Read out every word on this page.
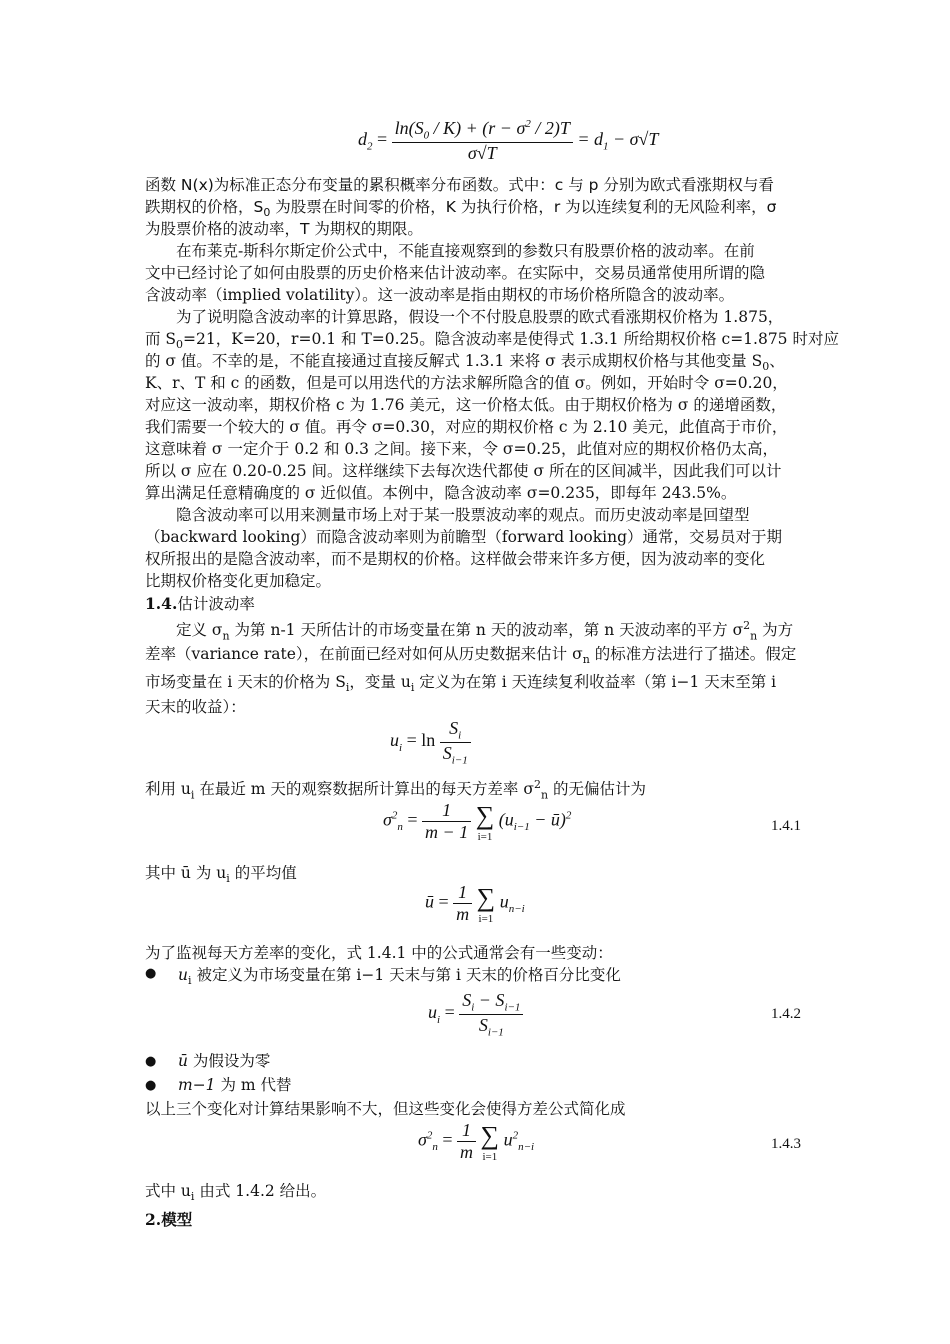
$d_2 = \frac{\ln(S_0 / K) + (r - \sigma^2 / 2)T}{\sigma√T} = d_1 - \sigma√T$
函数 N(x)为标准正态分布变量的累积概率分布函数。式中：c 与 p 分别为欧式看涨期权与看
跌期权的价格，$S_0$ 为股票在时间零的价格，K 为执行价格，r 为以连续复利的无风险利率，σ
为股票价格的波动率，T 为期权的期限。
在布莱克-斯科尔斯定价公式中，不能直接观察到的参数只有股票价格的波动率。在前
文中已经讨论了如何由股票的历史价格来估计波动率。在实际中，交易员通常使用所谓的隐
含波动率（implied volatility）。这一波动率是指由期权的市场价格所隐含的波动率。
为了说明隐含波动率的计算思路，假设一个不付股息股票的欧式看涨期权价格为 1.875，
而 $S_0=21$，K=20，r=0.1 和 T=0.25。隐含波动率是使得式 1.3.1 所给期权价格 c=1.875 时对应
的 σ 值。不幸的是，不能直接通过直接反解式 1.3.1 来将 σ 表示成期权价格与其他变量 $S_0$、
K、r、T 和 c 的函数，但是可以用迭代的方法求解所隐含的值 σ。例如，开始时令 σ=0.20，
对应这一波动率，期权价格 c 为 1.76 美元，这一价格太低。由于期权价格为 σ 的递增函数，
我们需要一个较大的 σ 值。再令 σ=0.30，对应的期权价格 c 为 2.10 美元，此值高于市价，
这意味着 σ 一定介于 0.2 和 0.3 之间。接下来，令 σ=0.25，此值对应的期权价格仍太高，
所以 σ 应在 0.20-0.25 间。这样继续下去每次迭代都使 σ 所在的区间减半，因此我们可以计
算出满足任意精确度的 σ 近似值。本例中，隐含波动率 σ=0.235，即每年 243.5%。
隐含波动率可以用来测量市场上对于某一股票波动率的观点。而历史波动率是回望型
（backward looking）而隐含波动率则为前瞻型（forward looking）通常，交易员对于期
权所报出的是隐含波动率，而不是期权的价格。这样做会带来许多方便，因为波动率的变化
比期权价格变化更加稳定。
1.4.估计波动率
定义 $\sigma_n$ 为第 n-1 天所估计的市场变量在第 n 天的波动率，第 n 天波动率的平方 $\sigma^2_n$ 为方
差率（variance rate），在前面已经对如何从历史数据来估计 $\sigma_n$ 的标准方法进行了描述。假定
市场变量在 i 天末的价格为 $S_i$，变量 $u_i$ 定义为在第 i 天连续复利收益率（第 i−1 天末至第 i
天末的收益）：
$u_i = \ln \frac{S_i}{S_{i-1}}$
利用 $u_i$ 在最近 m 天的观察数据所计算出的每天方差率 $\sigma^2_n$ 的无偏估计为
$\sigma^2_n = \frac{1}{m - 1}$
∑
i=1
($u_{i-1}$ − ū)$^2$
1.4.1
其中 ū 为 $u_i$ 的平均值
ū = $\frac{1}{m}$
∑
i=1
$u_{n-i}$
为了监视每天方差率的变化，式 1.4.1 中的公式通常会有一些变动：
● $u_i$ 被定义为市场变量在第 i−1 天末与第 i 天末的价格百分比变化
$u_i = \frac{S_i - S_{i-1}}{S_{i-1}}$	1.4.2
● ū 为假设为零
● m−1 为 m 代替
以上三个变化对计算结果影响不大，但这些变化会使得方差公式简化成
$\sigma^2_n = \frac{1}{m}$
∑
i=1
$u^2_{n-i}$	1.4.3
式中 $u_i$ 由式 1.4.2 给出。
2.模型
